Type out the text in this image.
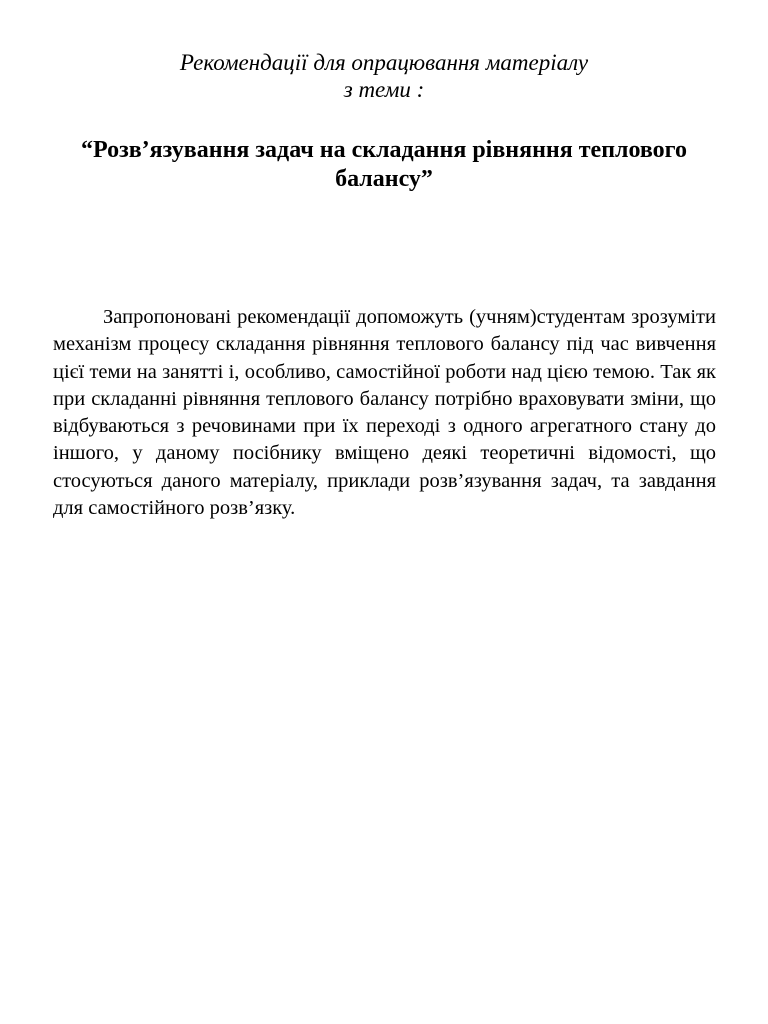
Рекомендації для опрацювання матеріалу
з теми :
“Розв’язування задач на складання рівняння теплового балансу”

Запропоновані рекомендації допоможуть (учням)студентам зрозуміти механізм процесу складання рівняння теплового балансу під час вивчення цієї теми на занятті і, особливо, самостійної роботи над цією темою. Так як при складанні рівняння теплового балансу потрібно враховувати зміни, що відбуваються з речовинами при їх переході з одного агрегатного стану до іншого, у даному посібнику вміщено деякі теоретичні відомості, що стосуються даного матеріалу, приклади розв’язування задач, та завдання для самостійного розв’язку.
